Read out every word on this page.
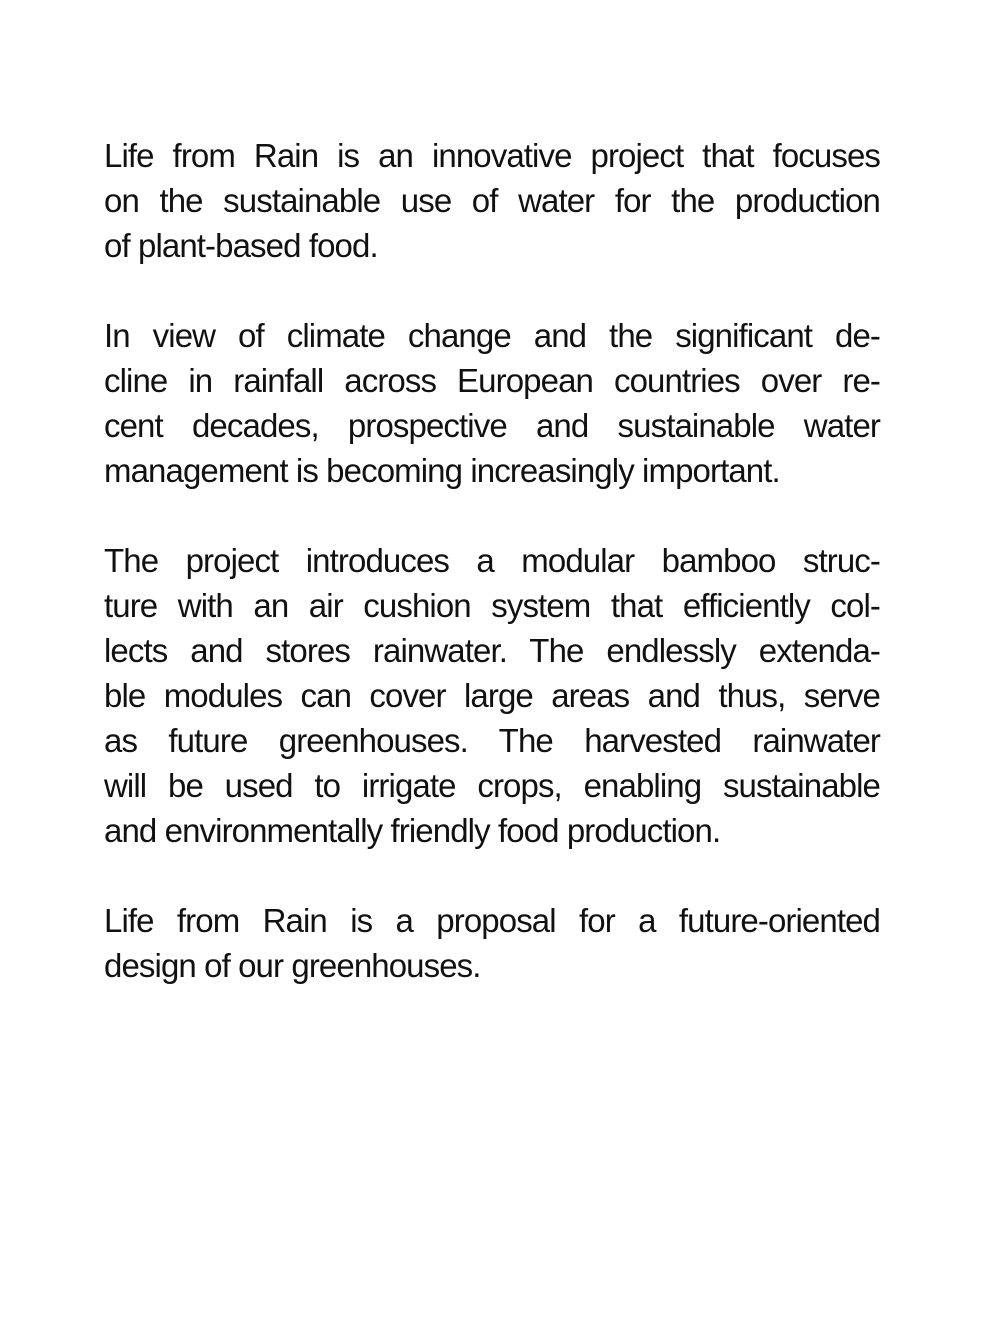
Life from Rain is an innovative project that focuses
on the sustainable use of water for the production
of plant-based food.

In view of climate change and the significant de-
cline in rainfall across European countries over re-
cent decades, prospective and sustainable water
management is becoming increasingly important.

The project introduces a modular bamboo struc-
ture with an air cushion system that efficiently col-
lects and stores rainwater. The endlessly extenda-
ble modules can cover large areas and thus, serve
as future greenhouses. The harvested rainwater
will be used to irrigate crops, enabling sustainable
and environmentally friendly food production.

Life from Rain is a proposal for a future-oriented
design of our greenhouses.
